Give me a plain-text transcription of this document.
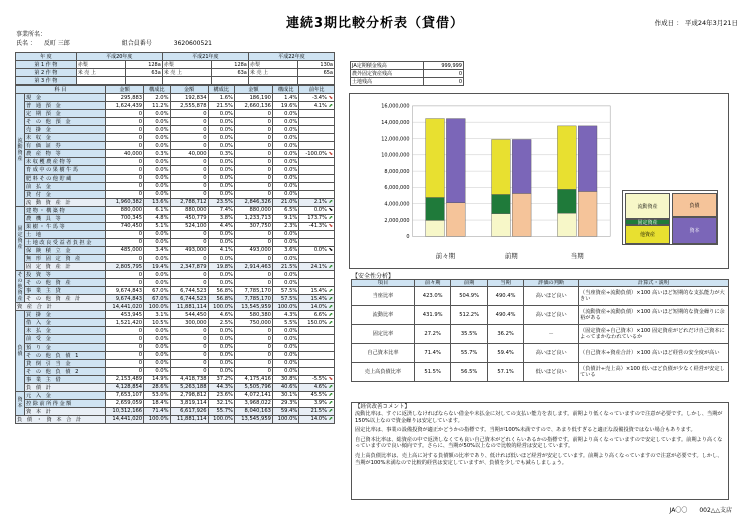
連続3期比較分析表（貸借）	作成日 ： 平成24年3月21日
事業所名：
氏名 ： 反町 三郎	組合員番号	3620600521
年 度	平成20年度		平成21年度		平成22年度	
第 1 作 物	赤梨	128a	赤梨	128a	赤梨	130a
第 2 作 物	米 売 上	63a	米 売 上	63a	米 売 上	65a
第 3 作 物						
科 目		金額	構成比	金額	構成比	金額	構成比	前年比
流動資産	現 金	295,883	2.0%	192,834	1.6%	186,190	1.4%	-3.4% ⬊
	普 通 預 金	1,624,439	11.2%	2,555,878	21.5%	2,660,136	19.6%	4.1% ⬈
	定 期 預 金	0	0.0%	0	0.0%	0	0.0%	
	そ の 他 預 金	0	0.0%	0	0.0%	0	0.0%	
	売 掛 金	0	0.0%	0	0.0%	0	0.0%	
	未 収 金	0	0.0%	0	0.0%	0	0.0%	
	有 価 証 券	0	0.0%	0	0.0%	0	0.0%	
	農 産 物 等	40,000	0.3%	40,000	0.3%	0	0.0%	-100.0% ⬊
	未収穫農産物等	0	0.0%	0	0.0%	0	0.0%	
	育成中の果樹牛馬	0	0.0%	0	0.0%	0	0.0%	
	肥料その他貯蔵	0	0.0%	0	0.0%	0	0.0%	
	前 払 金	0	0.0%	0	0.0%	0	0.0%	
	貸 付 金	0	0.0%	0	0.0%	0	0.0%	
	流 動 資 産 計	1,960,382	13.6%	2,788,712	23.5%	2,846,326	21.0%	2.1% ⬈
固定資産	建物・構築物	880,000	6.1%	880,000	7.4%	880,000	6.5%	0.0% ⬊
	農 機 具 等	700,345	4.8%	450,779	3.8%	1,233,713	9.1%	173.7% ⬈
	果樹・牛馬等	740,450	5.1%	524,100	4.4%	307,750	2.3%	-41.3% ⬊
	土 地	0	0.0%	0	0.0%	0	0.0%	
	土地改良受益者負担金	0	0.0%	0	0.0%	0	0.0%	
	保 険 積 立 金	485,000	3.4%	493,000	4.1%	493,000	3.6%	0.0% ⬊
	無 形 固 定 資 産	0	0.0%	0	0.0%	0	0.0%	
	固 定 資 産 計	2,805,795	19.4%	2,347,879	19.8%	2,914,463	21.5%	24.1% ⬈
その他資産	投 資 等	0	0.0%	0	0.0%	0	0.0%	
	そ の 他 資 産	0	0.0%	0	0.0%	0	0.0%	
	事 業 主 貸	9,674,843	67.0%	6,744,523	56.8%	7,785,170	57.5%	15.4% ⬈
	そ の 他 資 産 計	9,674,843	67.0%	6,744,523	56.8%	7,785,170	57.5%	15.4% ⬈
資 産 合 計		14,441,020	100.0%	11,881,114	100.0%	13,545,959	100.0%	14.0% ⬈
負債	買 掛 金	453,945	3.1%	544,450	4.6%	580,380	4.3%	6.6% ⬈
	借 入 金	1,521,420	10.5%	300,000	2.5%	750,000	5.5%	150.0% ⬈
	未 払 金	0	0.0%	0	0.0%	0	0.0%	
	前 受 金	0	0.0%	0	0.0%	0	0.0%	
	預 り 金	0	0.0%	0	0.0%	0	0.0%	
	そ の 他 負 債 1	0	0.0%	0	0.0%	0	0.0%	
	貸 倒 引 当 金	0	0.0%	0	0.0%	0	0.0%	
	そ の 他 負 債 2	0	0.0%	0	0.0%	0	0.0%	
	事 業 主 借	2,153,489	14.9%	4,418,738	37.2%	4,175,416	30.8%	-5.5% ⬊
	負 債 計	4,128,854	28.6%	5,263,188	44.3%	5,505,796	40.6%	4.6% ⬈
資本	元 入 金	7,653,107	53.0%	2,798,812	23.6%	4,072,141	30.1%	45.5% ⬈
	控除前所得金額	2,659,059	18.4%	3,819,114	32.1%	3,968,022	29.3%	3.9% ⬈
	資 本 計	10,312,166	71.4%	6,617,926	55.7%	8,040,163	59.4%	21.5% ⬈
負 債 ・ 資 本 合 計		14,441,020	100.0%	11,881,114	100.0%	13,545,959	100.0%	14.0% ⬈
JA定期積金残高	999,999
農外固定資産残高	0
土地残高	0
0
2,000,000
4,000,000
6,000,000
8,000,000
10,000,000
12,000,000
14,000,000
16,000,000
前々期	前期	当期
流動資産
固定資産
他資産
負債
資本
【安全性分析】
項目	前々期	前期	当期	評価の判断	計算式・説明
当座比率	423.0%	504.9%	490.4%	高いほど良い	（当座資産÷流動負債）×100 高いほど短期的な支払能力が大きい
流動比率	431.9%	512.2%	490.4%	高いほど良い	（流動資産÷流動負債）×100 高いほど短期的な資金繰りに余裕がある
固定比率	27.2%	35.5%	36.2%	－	（固定資産÷自己資本）×100 固定資産がどれだけ自己資本によってまかなわれているか
自己資本比率	71.4%	55.7%	59.4%	高いほど良い	（自己資本÷資産合計）×100 高いほど経営の安全度が高い
売上高負債比率	51.5%	56.5%	57.1%	低いほど良い	（負債計÷売上高）×100 低いほど負債が少なく経営が安定している
【経営改善コメント】

流動比率は、すぐに返済しなければならない借金や未払金に対しての支払い能力を表します。前期より低くなっていますので注意が必要です。しかし、当期が150%以上なので資金繰りは安定しています。

固定比率は、事業の設備投資が適正かどうかの指標です。当期が100%未満ですので、あまり低すぎると適正な設備投資ではない場合もあります。

自己資本比率は、総資産の中で返済しなくても良い自己資本がどれくらいあるかの指標です。前期より高くなっていますので安定しています。前期より高くなっていますので良い傾向です。さらに、当期が50%以上なので比較的経営は安定しています。

売上高負債比率は、売上高に対する負債額の比率であり、低ければ低いほど経営が安定しています。前期より高くなっていますので注意が必要です。しかし、当期が100%未満なので比較的経営は安定していますが、負債を少しでも減らしましょう。

JA〇〇　　002△△支店
